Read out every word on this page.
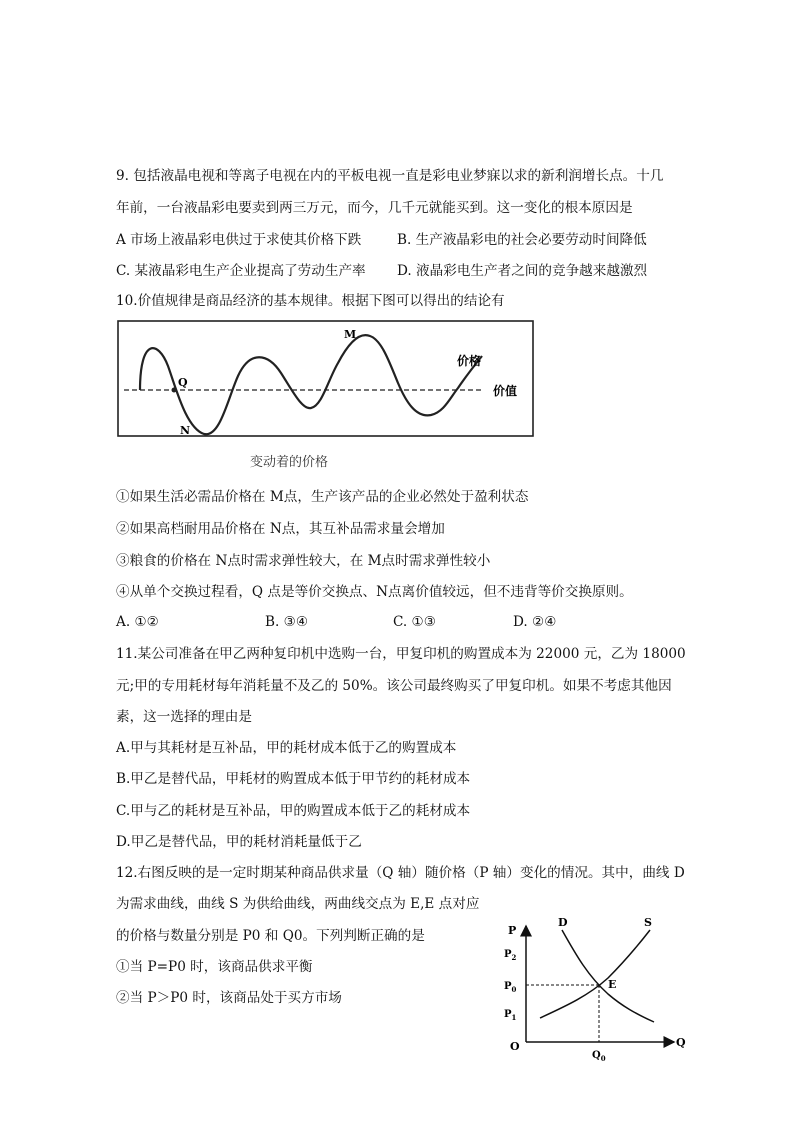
9. 包括液晶电视和等离子电视在内的平板电视一直是彩电业梦寐以求的新利润增长点。十几
年前，一台液晶彩电要卖到两三万元，而今，几千元就能买到。这一变化的根本原因是
A 市场上液晶彩电供过于求使其价格下跌	B. 生产液晶彩电的社会必要劳动时间降低
C. 某液晶彩电生产企业提高了劳动生产率 D. 液晶彩电生产者之间的竞争越来越激烈
10.价值规律是商品经济的基本规律。根据下图可以得出的结论有
M
Q
N
价格
价值
变动着的价格
①如果生活必需品价格在 M点，生产该产品的企业必然处于盈利状态
②如果高档耐用品价格在 N点，其互补品需求量会增加
③粮食的价格在 N点时需求弹性较大，在 M点时需求弹性较小
④从单个交换过程看，Q 点是等价交换点、N点离价值较远，但不违背等价交换原则。
A. ①②	B. ③④	C. ①③	D. ②④
11.某公司准备在甲乙两种复印机中选购一台，甲复印机的购置成本为 22000 元，乙为 18000
元;甲的专用耗材每年消耗量不及乙的 50%。该公司最终购买了甲复印机。如果不考虑其他因
素，这一选择的理由是
A.甲与其耗材是互补品，甲的耗材成本低于乙的购置成本
B.甲乙是替代品，甲耗材的购置成本低于甲节约的耗材成本
C.甲与乙的耗材是互补品，甲的购置成本低于乙的耗材成本
D.甲乙是替代品，甲的耗材消耗量低于乙
12.右图反映的是一定时期某种商品供求量（Q 轴）随价格（P 轴）变化的情况。其中，曲线 D
为需求曲线，曲线 S 为供给曲线，两曲线交点为 E,E 点对应
的价格与数量分别是 P0 和 Q0。下列判断正确的是
①当 P=P0 时，该商品供求平衡
②当 P＞P0 时，该商品处于买方市场
P
Q
O
$P_2$
$P_0$
$P_1$
$Q_0$
D	S
E
